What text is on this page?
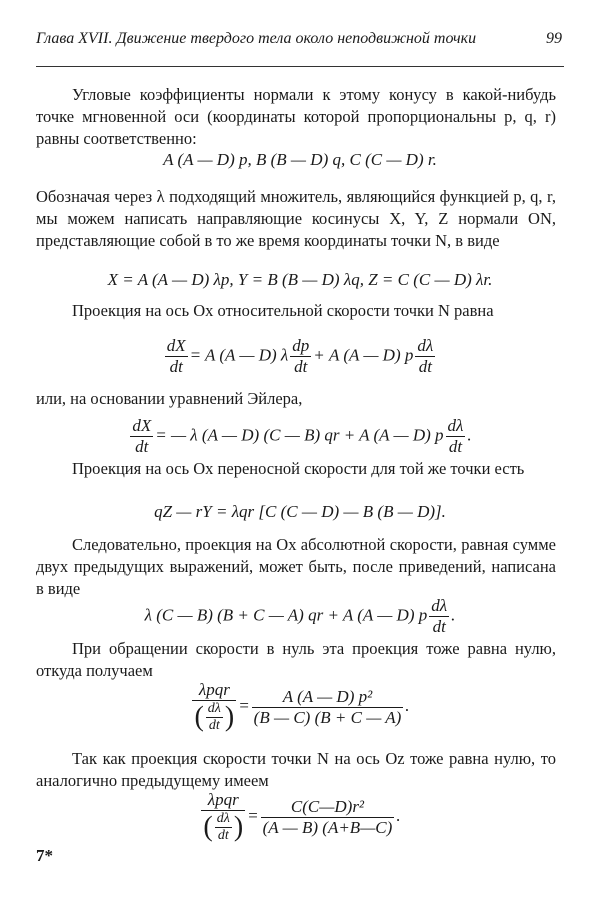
Глава XVII. Движение твердого тела около неподвижной точки	99
Угловые коэффициенты нормали к этому конусу в какой-нибудь точке мгновенной оси (координаты которой пропорциональны p, q, r) равны соответственно:
A (A — D) p, B (B — D) q, C (C — D) r.
Обозначая через λ подходящий множитель, являющийся функцией p, q, r, мы можем написать направляющие косинусы X, Y, Z нормали ON, представляющие собой в то же время координаты точки N, в виде
X = A (A — D) λp, Y = B (B — D) λq, Z = C (C — D) λr.
Проекция на ось Ox относительной скорости точки N равна
$\frac{dX}{dt} = A$ (A — D) λ $\frac{dp}{dt} + A$ (A — D) p $\frac{d\lambda}{dt}$
или, на основании уравнений Эйлера,
$\frac{dX}{dt}$ = — λ (A — D) (C — B) qr + A (A — D) p $\frac{d\lambda}{dt}$ .
Проекция на ось Ox переносной скорости для той же точки есть
qZ — rY = λqr [C (C — D) — B (B — D)].
Следовательно, проекция на Ox абсолютной скорости, равная сумме двух предыдущих выражений, может быть, после приведений, написана в виде
λ (C — B) (B + C — A) qr + A (A — D) p $\frac{d\lambda}{dt}$ .
При обращении скорости в нуль эта проекция тоже равна нулю, откуда получаем
$\frac{\text{λpqr}}{( \frac{d\lambda}{dt} )} = \frac{\text{A (A — D) p²}}{(B — C) (B + C — A)}$ .
Так как проекция скорости точки N на ось Oz тоже равна нулю, то аналогично предыдущему имеем
$\frac{\text{λpqr}}{( \frac{d\lambda}{dt} )} = \frac{\text{C(C—D)r²}}{(A — B) (A+B—C)}$ .
7*
